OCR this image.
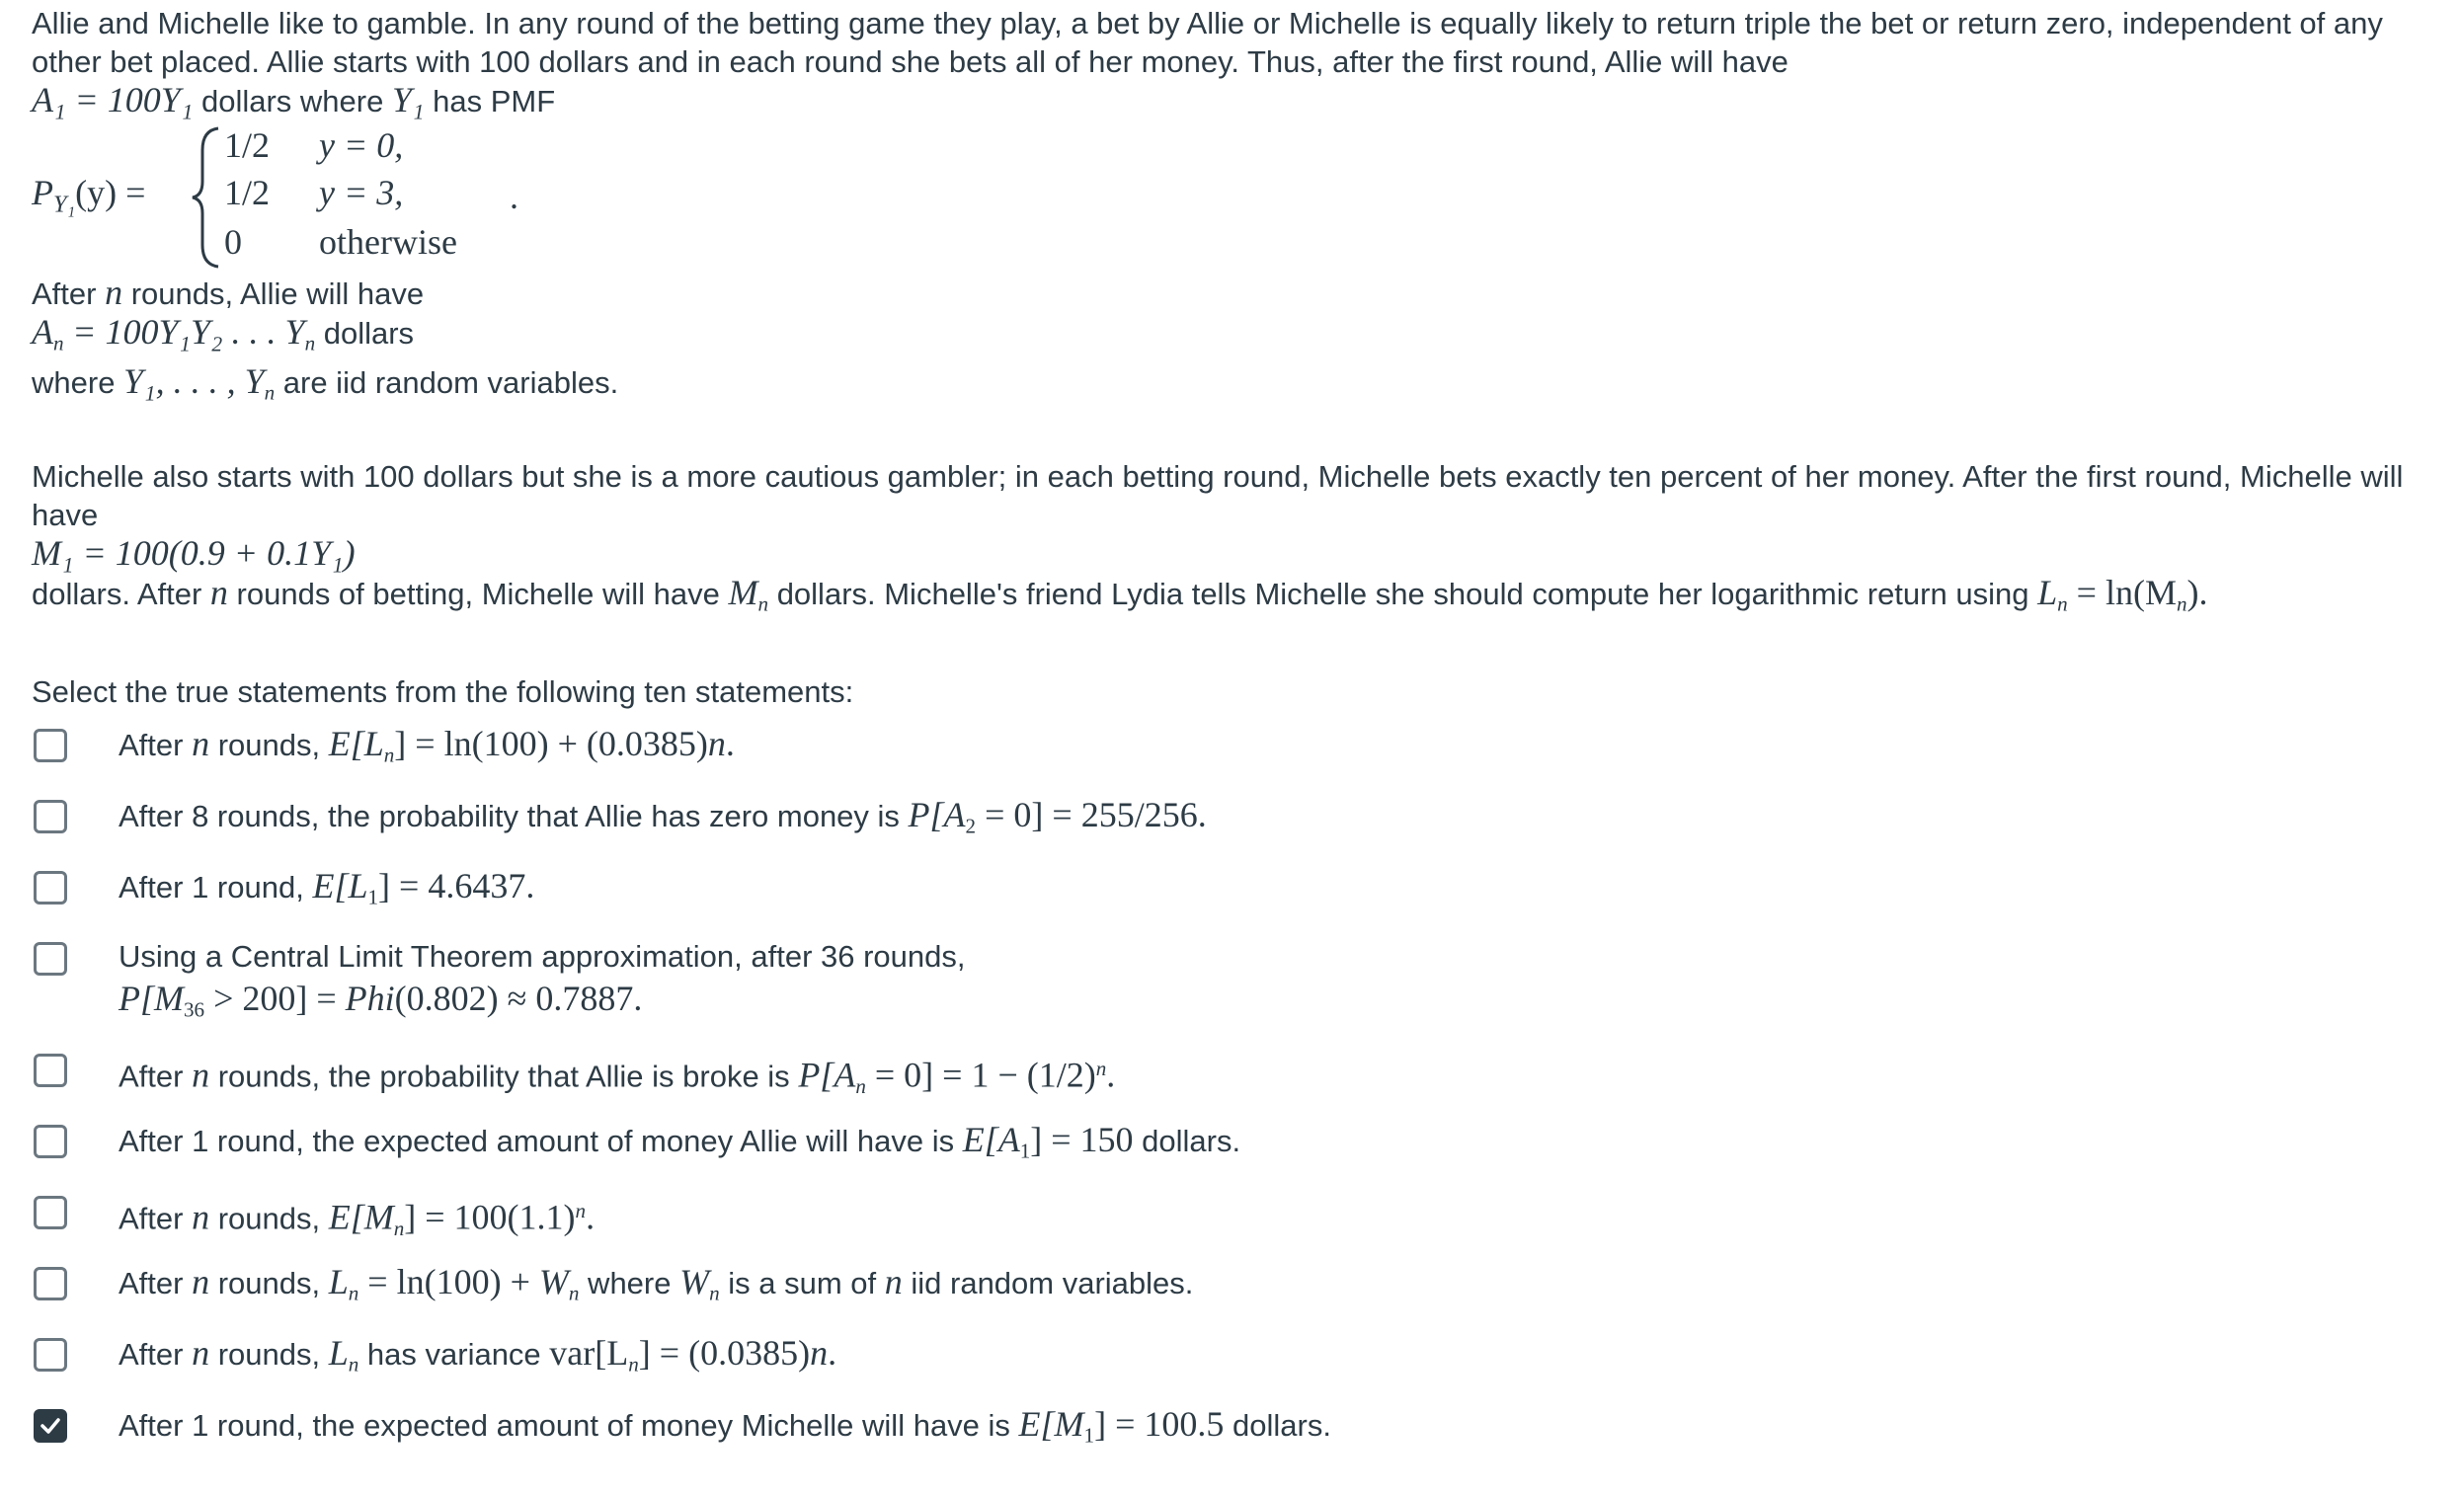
Allie and Michelle like to gamble. In any round of the betting game they play, a bet by Allie or Michelle is equally likely to return triple the bet or return zero, independent of any
other bet placed. Allie starts with 100 dollars and in each round she bets all of her money. Thus, after the first round, Allie will have
A₁ = 100Y₁ dollars where Y₁ has PMF
$P_{Y_1}(y)$ =
1/2 y = 0,
1/2 y = 3,
0 otherwise
.
After n rounds, Allie will have
$A_n = 100Y_1Y_2$ . . . $Y_n$ dollars
where Y₁, . . . , $Y_n$ are iid random variables.
Michelle also starts with 100 dollars but she is a more cautious gambler; in each betting round, Michelle bets exactly ten percent of her money. After the first round, Michelle will
have
M₁ = 100(0.9 + 0.1Y₁)
dollars. After n rounds of betting, Michelle will have $M_n$ dollars. Michelle's friend Lydia tells Michelle she should compute her logarithmic return using $L_n = \ln(M_n)$.
Select the true statements from the following ten statements:
After n rounds, $E[L_n] = \ln(100) + (0.0385)n$.
After 8 rounds, the probability that Allie has zero money is $P[A_2 = 0] = 255/256$.
After 1 round, $E[L_1] = 4.6437$.
Using a Central Limit Theorem approximation, after 36 rounds,
$P[M_{36} > 200] = Phi(0.802) \approx 0.7887$.
After n rounds, the probability that Allie is broke is $P[A_n = 0] = 1 - (1/2)^n$.
After 1 round, the expected amount of money Allie will have is $E[A_1] = 150$ dollars.
After n rounds, $E[M_n] = 100(1.1)^n$.
After n rounds, $L_n = \ln(100) + W_n$ where $W_n$ is a sum of n iid random variables.
After n rounds, $L_n$ has variance $var[L_n] = (0.0385)n$.
After 1 round, the expected amount of money Michelle will have is $E[M_1] = 100.5$ dollars.
